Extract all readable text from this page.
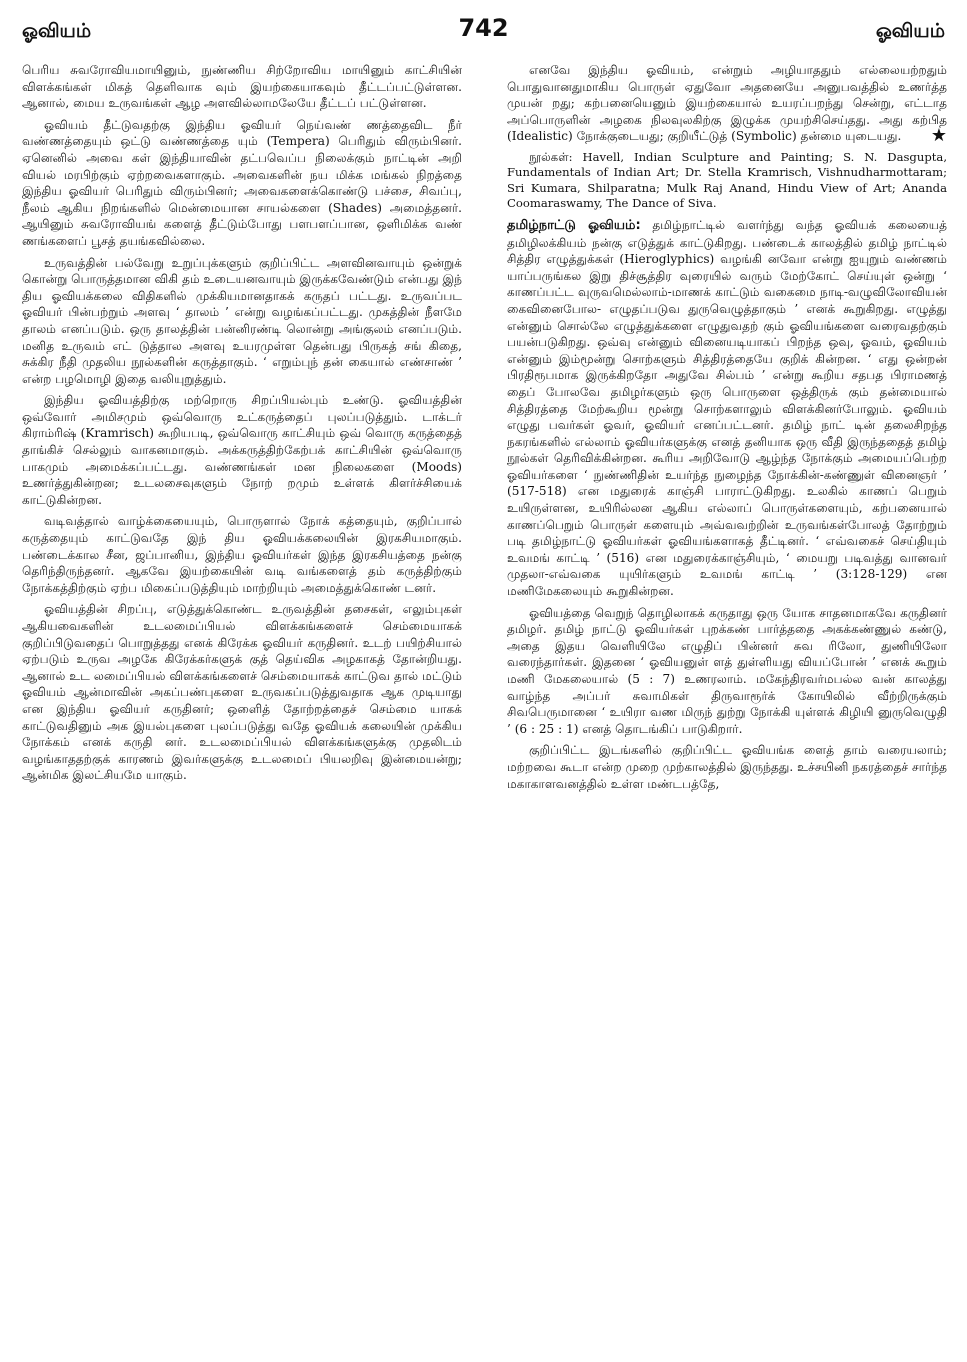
ஓவியம்	742	ஓவியம்

பெரிய சுவரோவியமாயினும், நுண்ணிய சிற்றோவிய மாயினும் காட்சியின் விளக்கங்கள் மிகத் தெளிவாக வும் இயற்கையாகவும் தீட்டப்பட்டுள்ளன. ஆனால், மைய உருவங்கள் ஆழ அளவில்லாமலேயே தீட்டப் பட்டுள்ளன.

ஓவியம் தீட்டுவதற்கு இந்திய ஓவியர் நெய்வண் ணத்தைவிட நீர் வண்ணத்தையும் ஒட்டு வண்ணத்தை யும் (Tempera) பெரிதும் விரும்பினர். ஏனெனில் அவை கள் இந்தியாவின் தட்பவெப்ப நிலைக்கும் நாட்டின் அறி வியல் மரபிற்கும் ஏற்றவைகளாகும். அவைகளின் நய மிக்க மங்கல் நிறத்தை இந்திய ஓவியர் பெரிதும் விரும்பினர்; அவைகளைக்கொண்டு பச்சை, சிவப்பு, நீலம் ஆகிய நிறங்களில் மென்மையான சாயல்களை (Shades) அமைத்தனர். ஆயினும் சுவரோவியங் களைத் தீட்டும்போது பளபளப்பான, ஒளிமிக்க வண் ணங்களைப் பூசத் தயங்கவில்லை.

உருவத்தின் பல்வேறு உறுப்புக்களும் குறிப்பிட்ட அளவினவாயும் ஒன்றுக் கொன்று பொருத்தமான விகி தம் உடையனவாயும் இருக்கவேண்டும் என்பது இந் திய ஓவியக்கலை விதிகளில் முக்கியமானதாகக் கருதப் பட்டது. உருவப்பட ஓவியர் பின்பற்றும் அளவு ‘ தாலம் ’ என்று வழங்கப்பட்டது. முகத்தின் நீளமே தாலம் எனப்படும். ஒரு தாலத்தின் பன்னிரண்டி லொன்று அங்குலம் எனப்படும். மனித உருவம் எட் டுத்தால அளவு உயரமுள்ள தென்பது பிருகத் சங் கிதை, சுக்கிர நீதி முதலிய நூல்களின் கருத்தாகும். ‘ எறும்புந் தன் கையால் எண்சாண் ’ என்ற பழமொழி இதை வலியுறுத்தும்.

இந்திய ஓவியத்திற்கு மற்றொரு சிறப்பியல்பும் உண்டு. ஓவியத்தின் ஒவ்வோர் அமிசமும் ஒவ்வொரு உட்கருத்தைப் புலப்படுத்தும். டாக்டர் கிராம்ரிஷ் (Kramrisch) கூறியபடி, ஒவ்வொரு காட்சியும் ஒவ் வொரு கருத்தைத் தாங்கிச் செல்லும் வாகனமாகும். அக்கருத்திற்கேற்பக் காட்சியின் ஒவ்வொரு பாகமும் அமைக்கப்பட்டது. வண்ணங்கள் மன நிலைகளை (Moods) உணர்த்துகின்றன; உடலசைவுகளும் நோற் றமும் உள்ளக் கிளர்ச்சியைக் காட்டுகின்றன.

வடிவத்தால் வாழ்க்கையையும், பொருளால் நோக் கத்தையும், குறிப்பால் கருத்தையும் காட்டுவதே இந் திய ஓவியக்கலையின் இரகசியமாகும். பண்டைக்கால சீன, ஜப்பானிய, இந்திய ஓவியர்கள் இந்த இரகசியத்தை நன்கு தெரிந்திருந்தனர். ஆகவே இயற்கையின் வடி வங்களைத் தம் கருத்திற்கும் நோக்கத்திற்கும் ஏற்ப மிகைப்படுத்தியும் மாற்றியும் அமைத்துக்கொண் டனர்.

ஓவியத்தின் சிறப்பு, எடுத்துக்கொண்ட உருவத்தின் தசைகள், எலும்புகள் ஆகியவைகளின் உடலமைப்பியல் விளக்கங்களைச் செம்மையாகக் குறிப்பிடுவதைப் பொறுத்தது எனக் கிரேக்க ஓவியர் கருதினர். உடற் பயிற்சியால் ஏற்படும் உருவ அழகே கிரேக்கர்களுக் குத் தெய்விக அழகாகத் தோன்றியது. ஆனால் உட லமைப்பியல் விளக்கங்களைச் செம்மையாகக் காட்டுவ தால் மட்டும் ஓவியம் ஆன்மாவின் அகப்பண்புகளை உருவகப்படுத்துவதாக ஆக முடியாது என இந்திய ஓவியர் கருதினர்; ஒளிைத் தோற்றத்தைச் செம்மை யாகக் காட்டுவதினும் அக இயல்புகளை புலப்படுத்து வதே ஓவியக் கலையின் முக்கிய நோக்கம் எனக் கருதி னர். உடலமைப்பியல் விளக்கங்களுக்கு முதலிடம் வழங்காததற்குக் காரணம் இவர்களுக்கு உடலமைப் பியலறிவு இன்மையன்று; ஆன்மிக இலட்சியமே யாகும்.

எனவே இந்திய ஓவியம், என்றும் அழியாததும் எல்லையற்றதும் பொதுவானதுமாகிய பொருள் ஏதுவோ அதனையே அனுபவத்தில் உணர்த்த முயன் றது; கற்பனையெனும் இயற்கையால் உயரப்பறந்து சென்று, எட்டாத அப்பொருளின் அழகை நிலவுலகிற்கு இழுக்க முயற்சிசெய்தது. அது கற்பித (Idealistic) நோக்குடையது; குறியீட்டுத் (Symbolic) தன்மை யுடையது.	★

நூல்கள்: Havell, Indian Sculpture and Painting; S. N. Dasgupta, Fundamentals of Indian Art; Dr. Stella Kramrisch, Vishnudharmottaram; Sri Kumara, Shilparatna; Mulk Raj Anand, Hindu View of Art; Ananda Coomaraswamy, The Dance of Siva.

தமிழ்நாட்டு ஓவியம்: தமிழ்நாட்டில் வளர்ந்து வந்த ஓவியக் கலையைத் தமிழிலக்கியம் நன்கு எடுத்துக் காட்டுகிறது. பண்டைக் காலத்தில் தமிழ் நாட்டில் சித்திர எழுத்துக்கள் (Hieroglyphics) வழங்கி னவோ என்று ஐயுறும் வண்ணம் யாப்பருங்கல இறு திச்சூத்திர வுரையில் வரும் மேற்கோட் செய்யுள் ஒன்று ‘ காணப்பட்ட வுருவமெல்லாம்-மாணக் காட்டும் வகைமை நாடி-வழுவிலோவியன் கைவினைபோல- எழுதப்படுவ துருவெழுத்தாகும் ’ எனக் கூறுகிறது. எழுத்து என்னும் சொல்லே எழுத்துக்களை எழுதுவதற் கும் ஓவியங்களை வரைவதற்கும் பயன்படுகிறது. ஒவ்வு என்னும் வினையடியாகப் பிறந்த ஒவு, ஓவம், ஓவியம் என்னும் இம்மூன்று சொற்களும் சித்திரத்தையே குறிக் கின்றன. ‘ எது ஒன்றன் பிரதிரூபமாக இருக்கிறதோ அதுவே சில்பம் ’ என்று கூறிய சதபத பிராமணத் தைப் போலவே தமிழர்களும் ஒரு பொருளை ஒத்திருக் கும் தன்மையால் சித்திரத்தை மேற்கூறிய மூன்று சொற்களாலும் விளக்கினர்போலும். ஓவியம் எழுது பவர்கள் ஓவர், ஓவியர் எனப்பட்டனர். தமிழ் நாட் டின் தலைசிறந்த நகரங்களில் எல்லாம் ஓவியர்களுக்கு எனத் தனியாக ஒரு வீதி இருந்ததைத் தமிழ் நூல்கள் தெரிவிக்கின்றன. கூரிய அறிவோடு ஆழ்ந்த நோக்கும் அமையப்பெற்ற ஓவியர்களை ‘ நுண்ணிதின் உயர்ந்த நுழைந்த நோக்கின்-கண்ணுள் வினைஞர் ’ (517-518) என மதுரைக் காஞ்சி பாராட்டுகிறது. உலகில் காணப் பெறும் உயிருள்ளன, உயிரில்லன ஆகிய எல்லாப் பொருள்களையும், கற்பனையால் காணப்பெறும் பொருள் களையும் அவ்வவற்றின் உருவங்கள்போலத் தோற்றும் படி தமிழ்நாட்டு ஓவியர்கள் ஓவியங்களாகத் தீட்டினர். ‘ எவ்வகைச் செய்தியும் உவமங் காட்டி ’ (516) என மதுரைக்காஞ்சியும், ‘ மையறு படிவத்து வானவர் முதலா-எவ்வகை யுயிர்களும் உவமங் காட்டி ’ (3:128-129) என மணிமேகலையும் கூறுகின்றன.

ஓவியத்தை வெறுந் தொழிலாகக் கருதாது ஒரு யோக சாதனமாகவே கருதினர் தமிழர். தமிழ் நாட்டு ஓவியர்கள் புறக்கண் பார்த்ததை அகக்கண்ணுல் கண்டு, அதை இதய வெளியிலே எழுதிப் பின்னர் சுவ ரிலோ, துணியிலோ வரைந்தார்கள். இதனை ‘ ஓவியனுள் ளத் துள்ளியது வியப்போன் ’ எனக் கூறும் மணி மேகலையால் (5 : 7) உணரலாம். மகேந்திரவர்மபல்ல வன் காலத்து வாழ்ந்த அப்பர் சுவாமிகள் திருவாரூர்க் கோயிலில் வீற்றிருக்கும் சிவபெருமானை ‘ உயிரா வண மிருந் துற்று நோக்கி யுள்ளக் கிழியி னுருவெழுதி ’ (6 : 25 : 1) எனத் தொடங்கிப் பாடுகிறார்.

குறிப்பிட்ட இடங்களில் குறிப்பிட்ட ஓவியங்க ளைத் தாம் வரையலாம்; மற்றவை கூடா என்ற முறை முற்காலத்தில் இருந்தது. உச்சயினி நகரத்தைச் சார்ந்த மகாகாளவனத்தில் உள்ள மண்டபத்தே,
